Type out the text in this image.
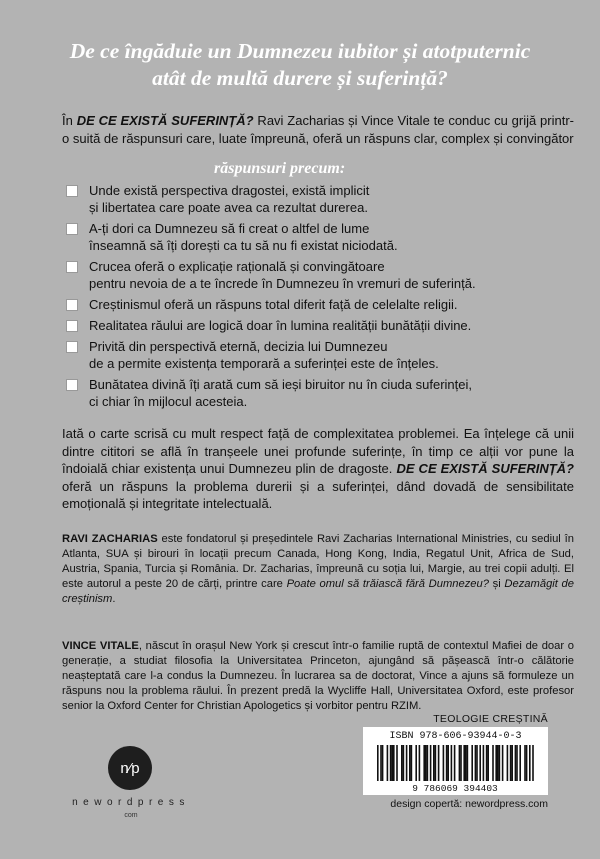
De ce îngăduie un Dumnezeu iubitor și atotputernic
atât de multă durere și suferință?
În DE CE EXISTĂ SUFERINȚĂ? Ravi Zacharias și Vince Vitale te conduc cu grijă printr-o suită de răspunsuri care, luate împreună, oferă un răspuns clar, complex și convingător
răspunsuri precum:
Unde există perspectiva dragostei, există implicit
și libertatea care poate avea ca rezultat durerea.
A-ți dori ca Dumnezeu să fi creat o altfel de lume
înseamnă să îți dorești ca tu să nu fi existat niciodată.
Crucea oferă o explicație rațională și convingătoare
pentru nevoia de a te încrede în Dumnezeu în vremuri de suferință.
Creștinismul oferă un răspuns total diferit față de celelalte religii.
Realitatea răului are logică doar în lumina realității bunătății divine.
Privită din perspectivă eternă, decizia lui Dumnezeu
de a permite existența temporară a suferinței este de înțeles.
Bunătatea divină îți arată cum să ieși biruitor nu în ciuda suferinței,
ci chiar în mijlocul acesteia.
Iată o carte scrisă cu mult respect față de complexitatea problemei. Ea înțelege că unii dintre cititori se află în tranșeele unei profunde suferințe, în timp ce alții vor pune la îndoială chiar existența unui Dumnezeu plin de dragoste. DE CE EXISTĂ SUFERINȚĂ? oferă un răspuns la problema durerii și a suferinței, dând dovadă de sensibilitate emoțională și integritate intelectuală.
RAVI ZACHARIAS este fondatorul și președintele Ravi Zacharias International Ministries, cu sediul în Atlanta, SUA și birouri în locații precum Canada, Hong Kong, India, Regatul Unit, Africa de Sud, Austria, Spania, Turcia și România. Dr. Zacharias, împreună cu soția lui, Margie, au trei copii adulți. El este autorul a peste 20 de cărți, printre care Poate omul să trăiască fără Dumnezeu? și Dezamăgit de creștinism.
VINCE VITALE, născut în orașul New York și crescut într-o familie ruptă de contextul Mafiei de doar o generație, a studiat filosofia la Universitatea Princeton, ajungând să pășească într-o călătorie neașteptată care l-a condus la Dumnezeu. În lucrarea sa de doctorat, Vince a ajuns să formuleze un răspuns nou la problema răului. În prezent predă la Wycliffe Hall, Universitatea Oxford, este profesor senior la Oxford Center for Christian Apologetics și vorbitor pentru RZIM.
TEOLOGIE CREȘTINĂ
ISBN 978-606-93944-0-3
9 786069 394403
design copertă: newordpress.com
n⁄p
newordpress
com
